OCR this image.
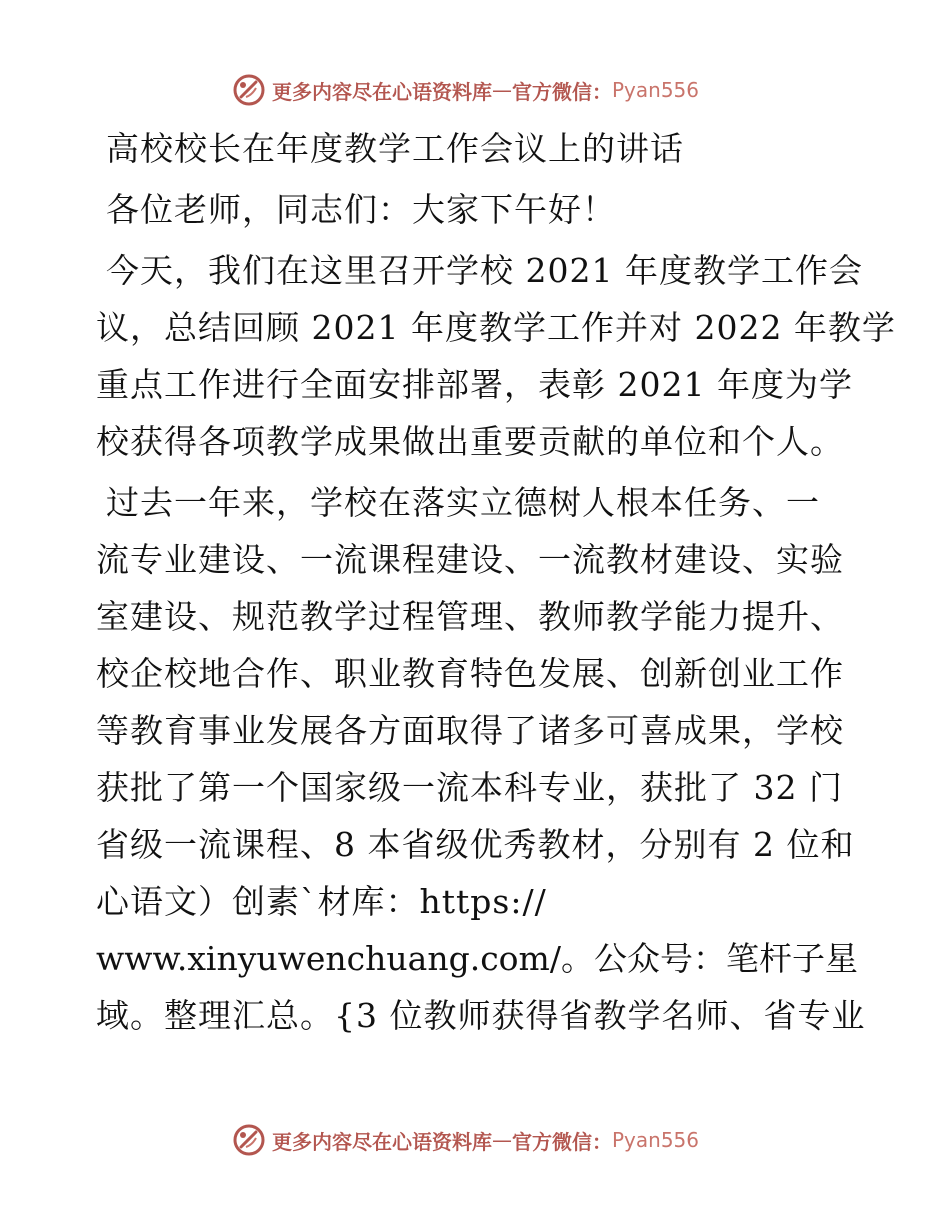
更多内容尽在心语资料库 — 官方微信： Pyan556
高校校长在年度教学工作会议上的讲话
各位老师，同志们：大家下午好！
今天，我们在这里召开学校 2021 年度教学工作会
议，总结回顾 2021 年度教学工作并对 2022 年教学
重点工作进行全面安排部署，表彰 2021 年度为学
校获得各项教学成果做出重要贡献的单位和个人。
过去一年来，学校在落实立德树人根本任务、一
流专业建设、一流课程建设、一流教材建设、实验
室建设、规范教学过程管理、教师教学能力提升、
校企校地合作、职业教育特色发展、创新创业工作
等教育事业发展各方面取得了诸多可喜成果，学校
获批了第一个国家级一流本科专业，获批了 32 门
省级一流课程、8 本省级优秀教材，分别有 2 位和
心语文）创素`材库：https://
www.xinyuwenchuang.com/。公众号：笔杆子星
域。整理汇总。{3 位教师获得省教学名师、省专业
更多内容尽在心语资料库 — 官方微信： Pyan556
